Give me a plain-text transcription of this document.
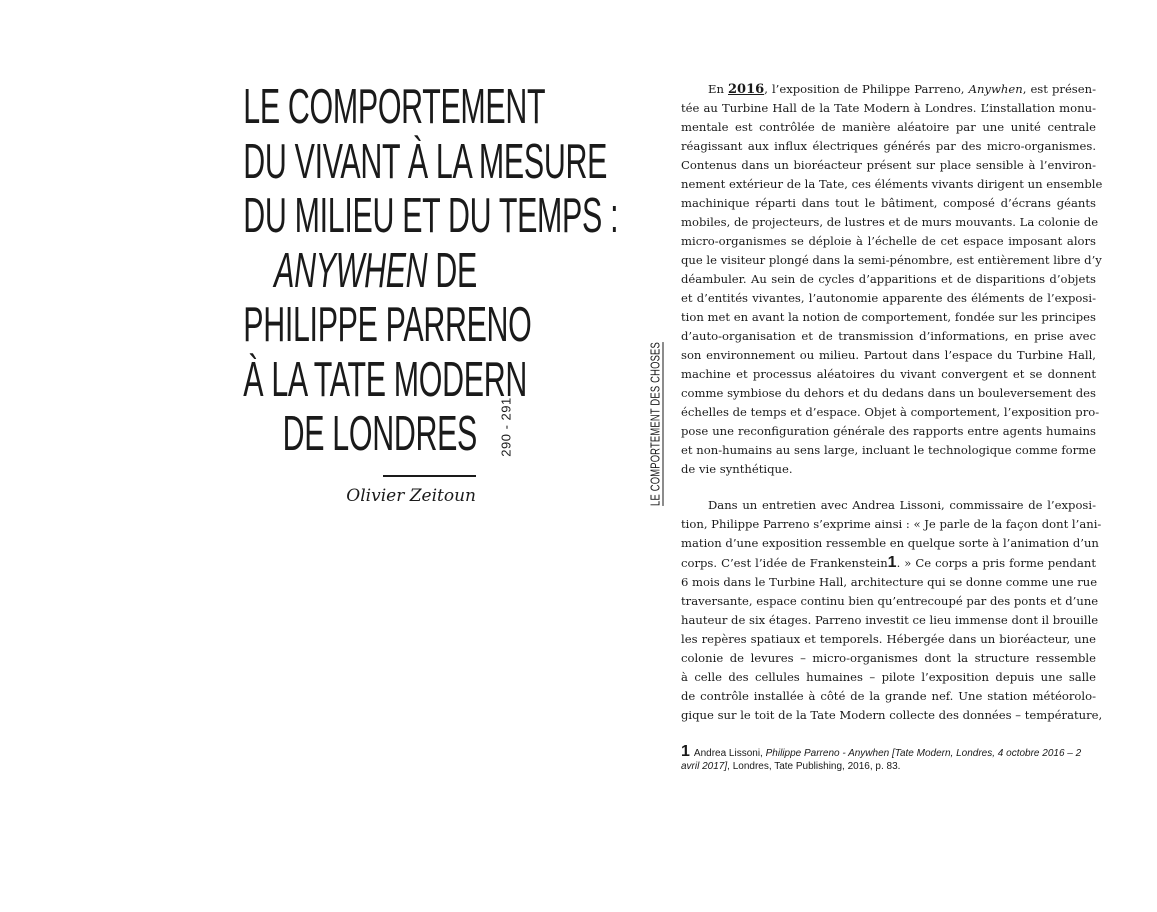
LE COMPORTEMENT
DU VIVANT À LA MESURE
DU MILIEU ET DU TEMPS :
ANYWHEN DE
PHILIPPE PARRENO
À LA TATE MODERN
DE LONDRES
Olivier Zeitoun
290 - 291	LE COMPORTEMENT DES CHOSES
En 2016, l’exposition de Philippe Parreno, Anywhen, est présen-
tée au Turbine Hall de la Tate Modern à Londres. L’installation monu-
mentale est contrôlée de manière aléatoire par une unité centrale
réagissant aux influx électriques générés par des micro-organismes.
Contenus dans un bioréacteur présent sur place sensible à l’environ-
nement extérieur de la Tate, ces éléments vivants dirigent un ensemble
machinique réparti dans tout le bâtiment, composé d’écrans géants
mobiles, de projecteurs, de lustres et de murs mouvants. La colonie de
micro-organismes se déploie à l’échelle de cet espace imposant alors
que le visiteur plongé dans la semi-pénombre, est entièrement libre d’y
déambuler. Au sein de cycles d’apparitions et de disparitions d’objets
et d’entités vivantes, l’autonomie apparente des éléments de l’exposi-
tion met en avant la notion de comportement, fondée sur les principes
d’auto-organisation et de transmission d’informations, en prise avec
son environnement ou milieu. Partout dans l’espace du Turbine Hall,
machine et processus aléatoires du vivant convergent et se donnent
comme symbiose du dehors et du dedans dans un bouleversement des
échelles de temps et d’espace. Objet à comportement, l’exposition pro-
pose une reconfiguration générale des rapports entre agents humains
et non-humains au sens large, incluant le technologique comme forme
de vie synthétique.
Dans un entretien avec Andrea Lissoni, commissaire de l’exposi-
tion, Philippe Parreno s’exprime ainsi : « Je parle de la façon dont l’ani-
mation d’une exposition ressemble en quelque sorte à l’animation d’un
corps. C’est l’idée de Frankenstein1. » Ce corps a pris forme pendant
6 mois dans le Turbine Hall, architecture qui se donne comme une rue
traversante, espace continu bien qu’entrecoupé par des ponts et d’une
hauteur de six étages. Parreno investit ce lieu immense dont il brouille
les repères spatiaux et temporels. Hébergée dans un bioréacteur, une
colonie de levures – micro-organismes dont la structure ressemble
à celle des cellules humaines – pilote l’exposition depuis une salle
de contrôle installée à côté de la grande nef. Une station météorolo-
gique sur le toit de la Tate Modern collecte des données – température,
1 Andrea Lissoni, Philippe Parreno - Anywhen [Tate Modern, Londres, 4 octobre 2016 – 2 avril 2017], Londres, Tate Publishing, 2016, p. 83.
